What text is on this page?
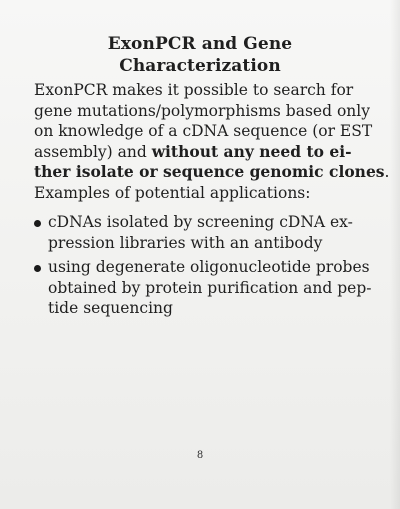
ExonPCR and Gene
Characterization
ExonPCR makes it possible to search for
gene mutations/polymorphisms based only
on knowledge of a cDNA sequence (or EST
assembly) and without any need to ei-
ther isolate or sequence genomic clones.
Examples of potential applications:
cDNAs isolated by screening cDNA ex-
pression libraries with an antibody
using degenerate oligonucleotide probes
obtained by protein purification and pep-
tide sequencing
8
